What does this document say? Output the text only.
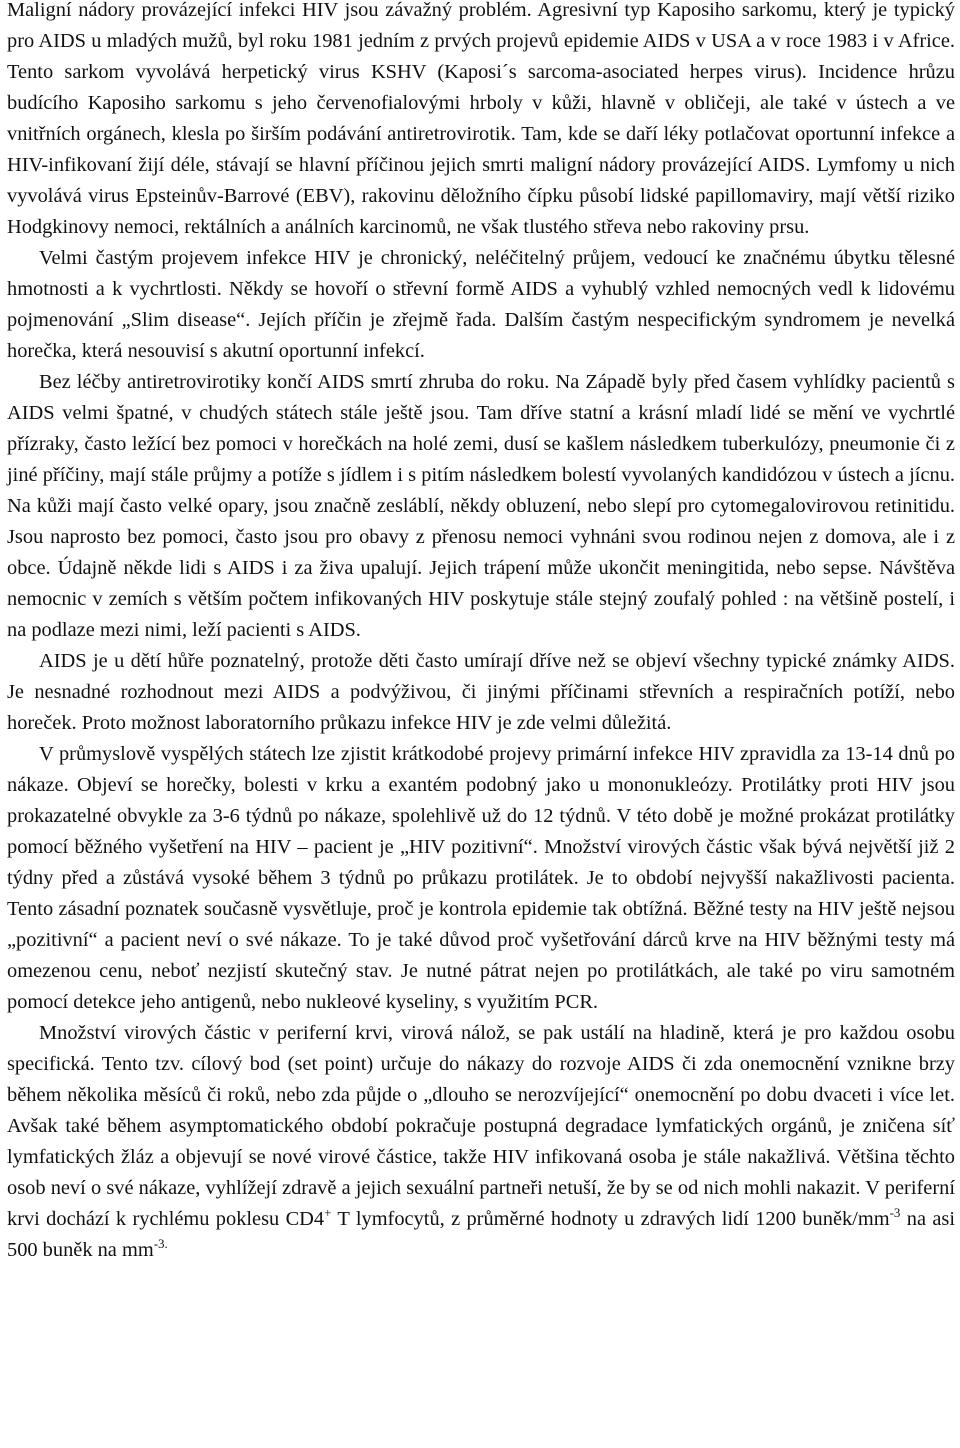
Maligní nádory provázející infekci HIV jsou závažný problém. Agresivní typ Kaposiho sarkomu, který je typický pro AIDS u mladých mužů, byl roku 1981 jedním z prvých projevů epidemie AIDS v USA a v roce 1983 i v Africe. Tento sarkom vyvolává herpetický virus KSHV (Kaposi´s sarcoma-asociated herpes virus). Incidence hrůzu budícího Kaposiho sarkomu s jeho červenofialovými hrboly v kůži, hlavně v obličeji, ale také v ústech a ve vnitřních orgánech, klesla po širším podávání antiretrovirotik. Tam, kde se daří léky potlačovat oportunní infekce a HIV-infikovaní žijí déle, stávají se hlavní příčinou jejich smrti maligní nádory provázející AIDS. Lymfomy u nich vyvolává virus Epsteinův-Barrové (EBV), rakovinu děložního čípku působí lidské papillomaviry, mají větší riziko Hodgkinovy nemoci, rektálních a análních karcinomů, ne však tlustého střeva nebo rakoviny prsu.

Velmi častým projevem infekce HIV je chronický, neléčitelný průjem, vedoucí ke značnému úbytku tělesné hmotnosti a k vychrtlosti. Někdy se hovoří o střevní formě AIDS a vyhublý vzhled nemocných vedl k lidovému pojmenování „Slim disease“. Jejích příčin je zřejmě řada. Dalším častým nespecifickým syndromem je nevelká horečka, která nesouvisí s akutní oportunní infekcí.

Bez léčby antiretrovirotiky končí AIDS smrtí zhruba do roku. Na Západě byly před časem vyhlídky pacientů s AIDS velmi špatné, v chudých státech stále ještě jsou. Tam dříve statní a krásní mladí lidé se mění ve vychrtlé přízraky, často ležící bez pomoci v horečkách na holé zemi, dusí se kašlem následkem tuberkulózy, pneumonie či z jiné příčiny, mají stále průjmy a potíže s jídlem i s pitím následkem bolestí vyvolaných kandidózou v ústech a jícnu. Na kůži mají často velké opary, jsou značně zesláblí, někdy obluzení, nebo slepí pro cytomegalovirovou retinitidu. Jsou naprosto bez pomoci, často jsou pro obavy z přenosu nemoci vyhnáni svou rodinou nejen z domova, ale i z obce. Údajně někde lidi s AIDS i za živa upalují. Jejich trápení může ukončit meningitida, nebo sepse. Návštěva nemocnic v zemích s větším počtem infikovaných HIV poskytuje stále stejný zoufalý pohled : na většině postelí, i na podlaze mezi nimi, leží pacienti s AIDS.

AIDS je u dětí hůře poznatelný, protože děti často umírají dříve než se objeví všechny typické známky AIDS. Je nesnadné rozhodnout mezi AIDS a podvýživou, či jinými příčinami střevních a respiračních potíží, nebo horeček. Proto možnost laboratorního průkazu infekce HIV je zde velmi důležitá.

V průmyslově vyspělých státech lze zjistit krátkodobé projevy primární infekce HIV zpravidla za 13-14 dnů po nákaze. Objeví se horečky, bolesti v krku a exantém podobný jako u mononukleózy. Protilátky proti HIV jsou prokazatelné obvykle za 3-6 týdnů po nákaze, spolehlivě už do 12 týdnů. V této době je možné prokázat protilátky pomocí běžného vyšetření na HIV – pacient je „HIV pozitivní“. Množství virových částic však bývá největší již 2 týdny před a zůstává vysoké během 3 týdnů po průkazu protilátek. Je to období nejvyšší nakažlivosti pacienta. Tento zásadní poznatek současně vysvětluje, proč je kontrola epidemie tak obtížná. Běžné testy na HIV ještě nejsou „pozitivní“ a pacient neví o své nákaze. To je také důvod proč vyšetřování dárců krve na HIV běžnými testy má omezenou cenu, neboť nezjistí skutečný stav. Je nutné pátrat nejen po protilátkách, ale také po viru samotném pomocí detekce jeho antigenů, nebo nukleové kyseliny, s využitím PCR.

Množství virových částic v periferní krvi, virová nálož, se pak ustálí na hladině, která je pro každou osobu specifická. Tento tzv. cílový bod (set point) určuje do nákazy do rozvoje AIDS či zda onemocnění vznikne brzy během několika měsíců či roků, nebo zda půjde o „dlouho se nerozvíjející“ onemocnění po dobu dvaceti i více let. Avšak také během asymptomatického období pokračuje postupná degradace lymfatických orgánů, je zničena síť lymfatických žláz a objevují se nové virové částice, takže HIV infikovaná osoba je stále nakažlivá. Většina těchto osob neví o své nákaze, vyhlížejí zdravě a jejich sexuální partneři netuší, že by se od nich mohli nakazit. V periferní krvi dochází k rychlému poklesu CD4+ T lymfocytů, z průměrné hodnoty u zdravých lidí 1200 buněk/$mm^{-3}$ na asi 500 buněk na $mm^{-3.}$
